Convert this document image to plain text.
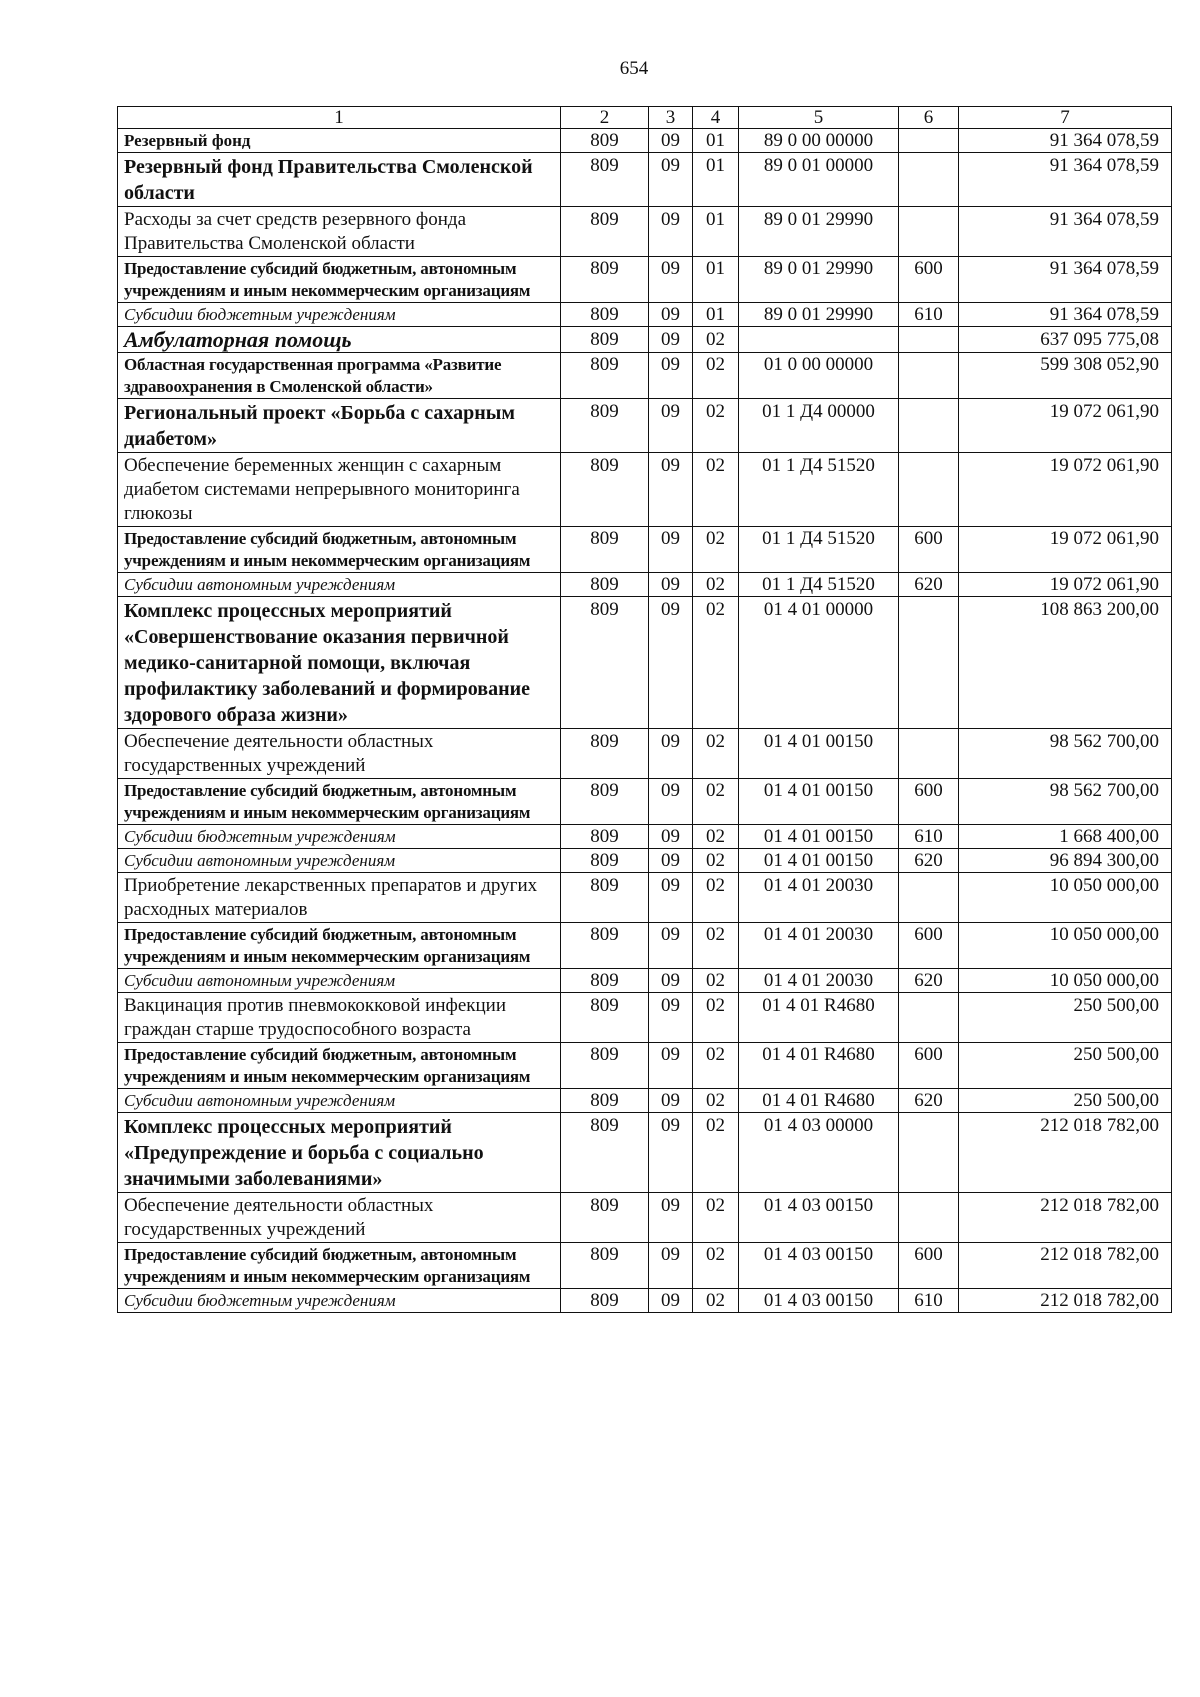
654
1	2	3	4	5	6	7
Резервный фонд	809	09	01	89 0 00 00000		91 364 078,59
Резервный фонд Правительства Смоленской области	809	09	01	89 0 01 00000		91 364 078,59
Расходы за счет средств резервного фонда Правительства Смоленской области	809	09	01	89 0 01 29990		91 364 078,59
Предоставление субсидий бюджетным, автономным учреждениям и иным некоммерческим организациям	809	09	01	89 0 01 29990	600	91 364 078,59
Субсидии бюджетным учреждениям	809	09	01	89 0 01 29990	610	91 364 078,59
Амбулаторная помощь	809	09	02			637 095 775,08
Областная государственная программа «Развитие здравоохранения в Смоленской области»	809	09	02	01 0 00 00000		599 308 052,90
Региональный проект «Борьба с сахарным диабетом»	809	09	02	01 1 Д4 00000		19 072 061,90
Обеспечение беременных женщин с сахарным диабетом системами непрерывного мониторинга глюкозы	809	09	02	01 1 Д4 51520		19 072 061,90
Предоставление субсидий бюджетным, автономным учреждениям и иным некоммерческим организациям	809	09	02	01 1 Д4 51520	600	19 072 061,90
Субсидии автономным учреждениям	809	09	02	01 1 Д4 51520	620	19 072 061,90
Комплекс процессных мероприятий «Совершенствование оказания первичной медико-санитарной помощи, включая профилактику заболеваний и формирование здорового образа жизни»	809	09	02	01 4 01 00000		108 863 200,00
Обеспечение деятельности областных государственных учреждений	809	09	02	01 4 01 00150		98 562 700,00
Предоставление субсидий бюджетным, автономным учреждениям и иным некоммерческим организациям	809	09	02	01 4 01 00150	600	98 562 700,00
Субсидии бюджетным учреждениям	809	09	02	01 4 01 00150	610	1 668 400,00
Субсидии автономным учреждениям	809	09	02	01 4 01 00150	620	96 894 300,00
Приобретение лекарственных препаратов и других расходных материалов	809	09	02	01 4 01 20030		10 050 000,00
Предоставление субсидий бюджетным, автономным учреждениям и иным некоммерческим организациям	809	09	02	01 4 01 20030	600	10 050 000,00
Субсидии автономным учреждениям	809	09	02	01 4 01 20030	620	10 050 000,00
Вакцинация против пневмококковой инфекции граждан старше трудоспособного возраста	809	09	02	01 4 01 R4680		250 500,00
Предоставление субсидий бюджетным, автономным учреждениям и иным некоммерческим организациям	809	09	02	01 4 01 R4680	600	250 500,00
Субсидии автономным учреждениям	809	09	02	01 4 01 R4680	620	250 500,00
Комплекс процессных мероприятий «Предупреждение и борьба с социально значимыми заболеваниями»	809	09	02	01 4 03 00000		212 018 782,00
Обеспечение деятельности областных государственных учреждений	809	09	02	01 4 03 00150		212 018 782,00
Предоставление субсидий бюджетным, автономным учреждениям и иным некоммерческим организациям	809	09	02	01 4 03 00150	600	212 018 782,00
Субсидии бюджетным учреждениям	809	09	02	01 4 03 00150	610	212 018 782,00
